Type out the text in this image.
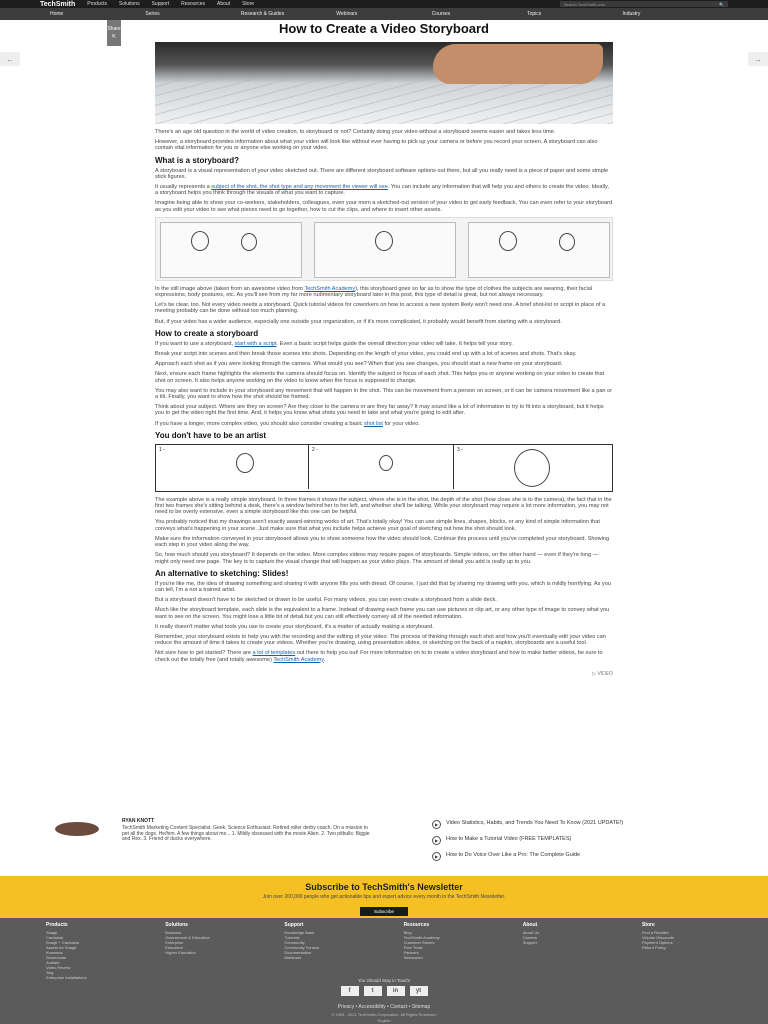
TechSmith Products Solutions Support Resources About Store	Search TechSmith.com	🔍
Home	Series	Research & Guides	Webinars	Courses	Topics	Industry
Share
⇱
←	→
How to Create a Video Storyboard

There's an age old question in the world of video creation, to storyboard or not? Certainly doing your video without a storyboard seems easier and takes less time.

However, a storyboard provides information about what your video will look like without ever having to pick up your camera or before you record your screen. A storyboard can also contain vital information for you or anyone else working on your video.

What is a storyboard?

A storyboard is a visual representation of your video sketched out. There are different storyboard software options out there, but all you really need is a piece of paper and some simple stick figures.

It usually represents a subject of the shot, the shot type and any movement the viewer will see. You can include any information that will help you and others to create the video. Ideally, a storyboard helps you think through the visuals of what you want to capture.

Imagine being able to show your co-workers, stakeholders, colleagues, even your mom a sketched-out version of your video to get early feedback. You can even refer to your storyboard as you edit your video to see what pieces need to go together, how to cut the clips, and where to insert other assets.

In the still image above (taken from an awesome video from TechSmith Academy), this storyboard goes so far as to show the type of clothes the subjects are wearing, their facial expressions, body postures, etc. As you'll see from my far more rudimentary storyboard later in this post, this type of detail is great, but not always necessary.

Let's be clear, too. Not every video needs a storyboard. Quick tutorial videos for coworkers on how to access a new system likely won't need one. A brief shot-list or script in place of a meeting probably can be done without too much planning.

But, if your video has a wider audience, especially one outside your organization, or if it's more complicated, it probably would benefit from starting with a storyboard.

How to create a storyboard

If you want to use a storyboard, start with a script. Even a basic script helps guide the overall direction your video will take. It helps tell your story.

Break your script into scenes and then break those scenes into shots. Depending on the length of your video, you could end up with a lot of scenes and shots. That's okay.

Approach each shot as if you were looking through the camera. What would you see? When that you see changes, you should start a new frame on your storyboard.

Next, ensure each frame highlights the elements the camera should focus on. Identify the subject or focus of each shot. This helps you or anyone working on your video to create that shot on screen. It also helps anyone working on the video to know when the focus is supposed to change.

You may also want to include in your storyboard any movement that will happen in the shot. This can be movement from a person on screen, or it can be camera movement like a pan or a tilt. Finally, you want to show how the shot should be framed.

Think about your subject. Where are they on screen? Are they close to the camera or are they far away? It may sound like a lot of information to try to fit into a storyboard, but it helps you to get the video right the first time. And, it helps you know what shots you need to take and what you're going to edit after.

If you have a longer, more complex video, you should also consider creating a basic shot list for your video.

You don't have to be an artist
1 -	2 -	3 -

The example above is a really simple storyboard. In three frames it shows the subject, where she is in the shot, the depth of the shot (how close she is to the camera), the fact that in the first two frames she's sitting behind a desk, there's a window behind her to her left, and whether she'll be talking. While your storyboard may require a lot more information, you may not need to be overly extensive, even a simple storyboard like this one can be helpful.

You probably noticed that my drawings aren't exactly award-winning works of art. That's totally okay! You can use simple lines, shapes, blocks, or any kind of simple information that conveys what's happening in your scene. Just make sure that what you include helps achieve your goal of sketching out how the shot should look.

Make sure the information conveyed in your storyboard allows you to show someone how the video should look. Continue this process until you've completed your storyboard. Showing each step in your video along the way.

So, how much should you storyboard? It depends on the video. More complex videos may require pages of storyboards. Simple videos, on the other hand — even if they're long — might only need one page. The key is to capture the visual change that will happen as your video plays. The amount of detail you add is really up to you.

An alternative to sketching: Slides!

If you're like me, the idea of drawing something and sharing it with anyone fills you with dread. Of course, I just did that by sharing my drawing with you, which is mildly horrifying. As you can tell, I'm a not a trained artist.

But a storyboard doesn't have to be sketched or drawn to be useful. For many videos, you can even create a storyboard from a slide deck.

Much like the storyboard template, each slide is the equivalent to a frame. Instead of drawing each frame you can use pictures or clip art, or any other type of image to convey what you want to see on the screen. You might lose a little bit of detail but you can still effectively convey all of the needed information.

It really doesn't matter what tools you use to create your storyboard, it's a matter of actually making a storyboard.

Remember, your storyboard exists to help you with the recording and the editing of your video. The process of thinking through each shot and how you'll eventually edit your video can reduce the amount of time it takes to create your videos. Whether you're drawing, using presentation slides, or sketching on the back of a napkin, storyboards are a useful tool.

Not sure how to get started? There are a lot of templates out there to help you out! For more information on to to create a video storyboard and how to make better videos, be sure to check out the totally free (and totally awesome) TechSmith Academy.

▷ VIDEO
RYAN KNOTT
TechSmith Marketing Content Specialist. Geek. Science Enthusiast. Retired roller derby coach. On a mission to pet all the dogs. He/him. A few things about me... 1. Mildly obsessed with the movie Alien. 2. Two pitbulls: Biggie and Rex. 3. Friend of ducks everywhere.
▶	Video Statistics, Habits, and Trends You Need To Know (2021 UPDATE!)
▶	How to Make a Tutorial Video (FREE TEMPLATES)
▶	How to Do Voice Over Like a Pro: The Complete Guide
Subscribe to TechSmith's Newsletter
Join over 200,000 people who get actionable tips and expert advice every month in the TechSmith Newsletter.
Subscribe
Products
Snagit
Camtasia
Snagit + Camtasia
Assets for Snagit
Knowmia
Screencast
Audiate
Video Review
Jing
Enterprise Installations
Solutions
Business
Government & Education
Enterprise
Education
Higher Education
Support
Knowledge Base
Tutorials
Community
Community Forums
Documentation
Webinars
Resources
Blog
TechSmith Academy
Customer Stories
Free Trials
Partners
Newsroom
About
About Us
Careers
Support
Store
Find a Reseller
Volume Discounts
Payment Options
Return Policy
You Should Stay in Touch!
f	t	in	yt
Privacy • Accessibility • Contact • Sitemap
© 1995 - 2021 TechSmith Corporation. All Rights Reserved.
English
